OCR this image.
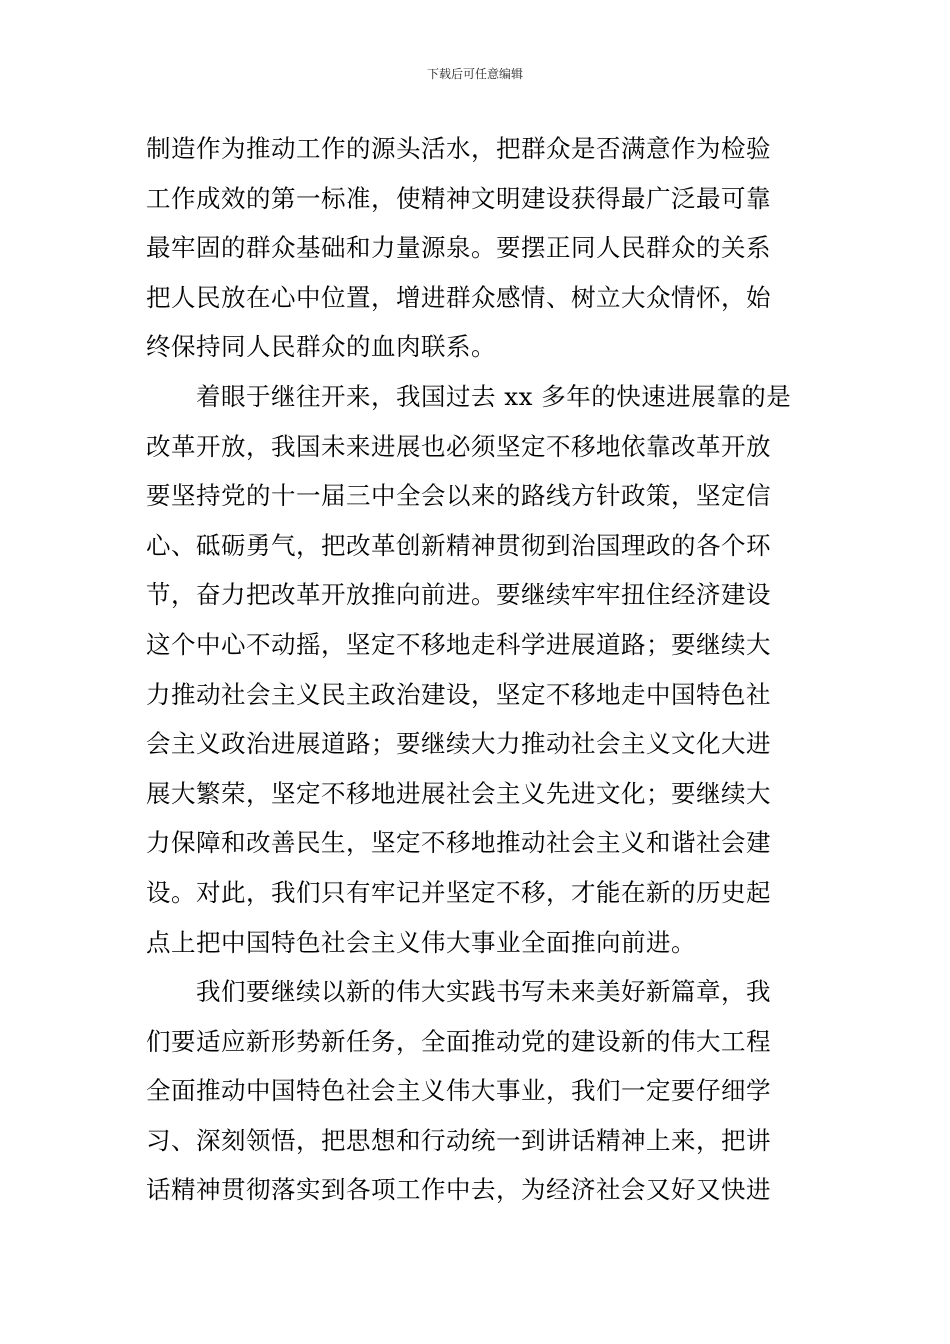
下载后可任意编辑
制造作为推动工作的源头活水，把群众是否满意作为检验
工作成效的第一标准，使精神文明建设获得最广泛最可靠
最牢固的群众基础和力量源泉。要摆正同人民群众的关系
把人民放在心中位置，增进群众感情、树立大众情怀，始
终保持同人民群众的血肉联系。
着眼于继往开来，我国过去 xx 多年的快速进展靠的是
改革开放，我国未来进展也必须坚定不移地依靠改革开放
要坚持党的十一届三中全会以来的路线方针政策，坚定信
心、砥砺勇气，把改革创新精神贯彻到治国理政的各个环
节，奋力把改革开放推向前进。要继续牢牢扭住经济建设
这个中心不动摇，坚定不移地走科学进展道路；要继续大
力推动社会主义民主政治建设，坚定不移地走中国特色社
会主义政治进展道路；要继续大力推动社会主义文化大进
展大繁荣，坚定不移地进展社会主义先进文化；要继续大
力保障和改善民生，坚定不移地推动社会主义和谐社会建
设。对此，我们只有牢记并坚定不移，才能在新的历史起
点上把中国特色社会主义伟大事业全面推向前进。
我们要继续以新的伟大实践书写未来美好新篇章，我
们要适应新形势新任务，全面推动党的建设新的伟大工程
全面推动中国特色社会主义伟大事业，我们一定要仔细学
习、深刻领悟，把思想和行动统一到讲话精神上来，把讲
话精神贯彻落实到各项工作中去，为经济社会又好又快进
